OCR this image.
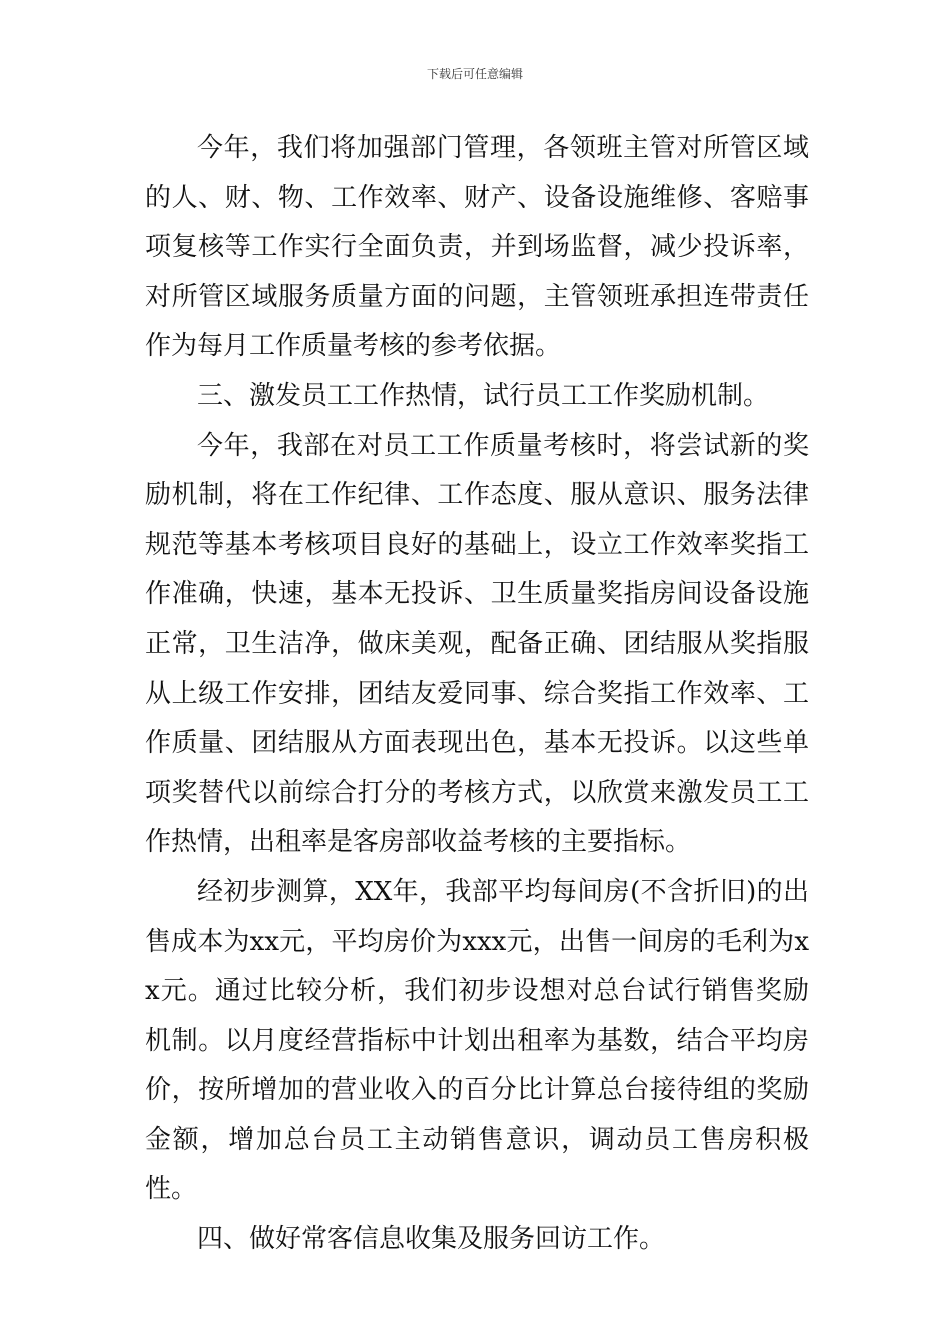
下载后可任意编辑

今年，我们将加强部门管理，各领班主管对所管区域的人、财、物、工作效率、财产、设备设施维修、客赔事项复核等工作实行全面负责，并到场监督，减少投诉率，对所管区域服务质量方面的问题，主管领班承担连带责任作为每月工作质量考核的参考依据。

三、激发员工工作热情，试行员工工作奖励机制。

今年，我部在对员工工作质量考核时，将尝试新的奖励机制，将在工作纪律、工作态度、服从意识、服务法律规范等基本考核项目良好的基础上，设立工作效率奖指工作准确，快速，基本无投诉、卫生质量奖指房间设备设施正常，卫生洁净，做床美观，配备正确、团结服从奖指服从上级工作安排，团结友爱同事、综合奖指工作效率、工作质量、团结服从方面表现出色，基本无投诉。以这些单项奖替代以前综合打分的考核方式，以欣赏来激发员工工作热情，出租率是客房部收益考核的主要指标。

经初步测算，XX年，我部平均每间房(不含折旧)的出售成本为xx元，平均房价为xxx元，出售一间房的毛利为xx元。通过比较分析，我们初步设想对总台试行销售奖励机制。以月度经营指标中计划出租率为基数，结合平均房价，按所增加的营业收入的百分比计算总台接待组的奖励金额，增加总台员工主动销售意识，调动员工售房积极性。

四、做好常客信息收集及服务回访工作。
